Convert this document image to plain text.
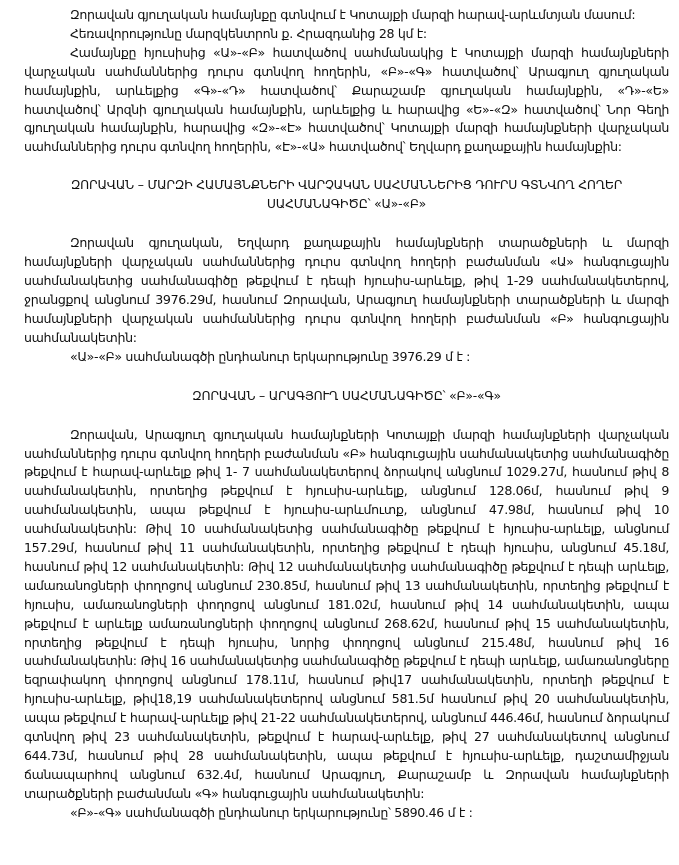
Զորավան գյուղական համայնքը գտնվում է Կոտայքի մարզի հարավ-արևմտյան մասում:

Հեռավորությունը մարզկենտրոն ք. Հրազդանից 28 կմ է:

Համայնքը հյուսիսից «Ա»-«Բ» հատվածով սահմանակից է Կոտայքի մարզի համայնքների վարչական սահմաններից դուրս գտնվող հողերին, «Բ»-«Գ» հատվածով՝ Արագյուղ գյուղական համայնքին, արևելքից «Գ»-«Դ» հատվածով՝ Քարաշամբ գյուղական համայնքին, «Դ»-«Ե» հատվածով՝ Արզնի գյուղական համայնքին, արևելքից և հարավից «Ե»-«Զ» հատվածով՝ Նոր Գեղի գյուղական համայնքին, հարավից «Զ»-«Է» հատվածով՝ Կոտայքի մարզի համայնքների վարչական սահմաններից դուրս գտնվող հողերին, «Է»-«Ա» հատվածով՝ Եղվարդ քաղաքային համայնքին:

ԶՈՐԱՎԱՆ – ՄԱՐԶԻ ՀԱՄԱՅՆՔՆԵՐԻ ՎԱՐՉԱԿԱՆ ՍԱՀՄԱՆՆԵՐԻՑ ԴՈՒՐՍ ԳՏՆՎՈՂ ՀՈՂԵՐ ՍԱՀՄԱՆԱԳԻԾԸ՝ «Ա»-«Բ»

Զորավան գյուղական, Եղվարդ քաղաքային համայնքների տարածքների և մարզի համայնքների վարչական սահմաններից դուրս գտնվող հողերի բաժանման «Ա» հանգուցային սահմանակետից սահմանագիծը թեքվում է դեպի հյուսիս-արևելք, թիվ 1-29 սահմանակետերով, ջրանցքով անցնում 3976.29մ, հասնում Զորավան, Արագյուղ համայնքների տարածքների և մարզի համայնքների վարչական սահմաններից դուրս գտնվող հողերի բաժանման «Բ» հանգուցային սահմանակետին:

«Ա»-«Բ» սահմանագծի ընդհանուր երկարությունը 3976.29 մ է :

ԶՈՐԱՎԱՆ – ԱՐԱԳՅՈՒՂ ՍԱՀՄԱՆԱԳԻԾԸ՝ «Բ»-«Գ»

Զորավան, Արագյուղ գյուղական համայնքների Կոտայքի մարզի համայնքների վարչական սահմաններից դուրս գտնվող հողերի բաժանման «Բ» հանգուցային սահմանակետից սահմանագիծը թեքվում է հարավ-արևելք թիվ 1- 7 սահմանակետերով ձորակով անցնում 1029.27մ, հասնում թիվ 8 սահմանակետին, որտեղից թեքվում է հյուսիս-արևելք, անցնում 128.06մ, հասնում թիվ 9 սահմանակետին, ապա թեքվում է հյուսիս-արևմուտք, անցնում 47.98մ, հասնում թիվ 10 սահմանակետին: Թիվ 10 սահմանակետից սահմանագիծը թեքվում է հյուսիս-արևելք, անցնում 157.29մ, հասնում թիվ 11 սահմանակետին, որտեղից թեքվում է դեպի հյուսիս, անցնում 45.18մ, հասնում թիվ 12 սահմանակետին: Թիվ 12 սահմանակետից սահմանագիծը թեքվում է դեպի արևելք, ամառանոցների փողոցով անցնում 230.85մ, հասնում թիվ 13 սահմանակետին, որտեղից թեքվում է հյուսիս, ամառանոցների փողոցով անցնում 181.02մ, հասնում թիվ 14 սահմանակետին, ապա թեքվում է արևելք ամառանոցների փողոցով անցնում 268.62մ, հասնում թիվ 15 սահմանակետին, որտեղից թեքվում է դեպի հյուսիս, նորից փողոցով անցնում 215.48մ, հասնում թիվ 16 սահմանակետին: Թիվ 16 սահմանակետից սահմանագիծը թեքվում է դեպի արևելք, ամառանոցները եզրափակող փողոցով անցնում 178.11մ, հասնում թիվ17 սահմանակետին, որտեղի թեքվում է հյուսիս-արևելք, թիվ18,19 սահմանակետերով անցնում 581.5մ հասնում թիվ 20 սահմանակետին, ապա թեքվում է հարավ-արևելք թիվ 21-22 սահմանակետերով, անցնում 446.46մ, հասնում ձորակում գտնվող թիվ 23 սահմանակետին, թեքվում է հարավ-արևելք, թիվ 27 սահմանակետով անցնում 644.73մ, հասնում թիվ 28 սահմանակետին, ապա թեքվում է հյուսիս-արևելք, դաշտամիջյան ճանապարհով անցնում 632.4մ, հասնում Արագյուղ, Քարաշամբ և Զորավան համայնքների տարածքների բաժանման «Գ» հանգուցային սահմանակետին:

«Բ»-«Գ» սահմանագծի ընդհանուր երկարությունը՝ 5890.46 մ է :
